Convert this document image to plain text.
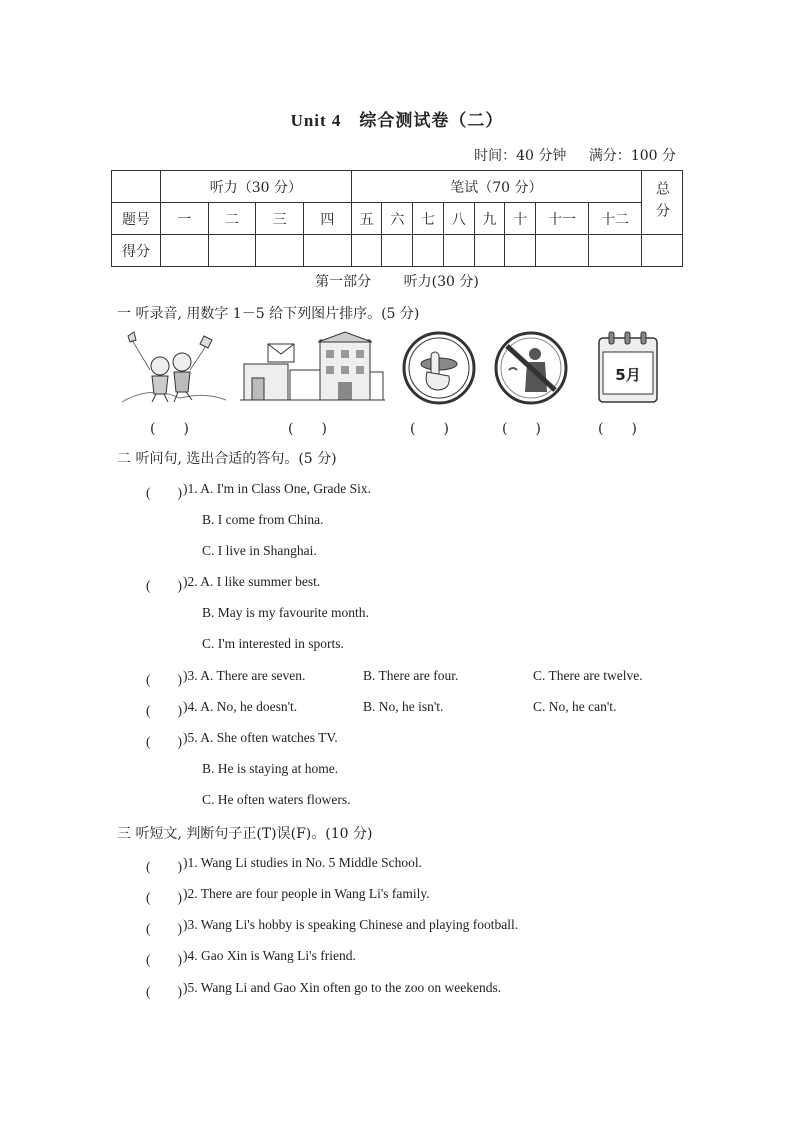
Unit 4　综合测试卷（二）
时间：40 分钟 满分：100 分
	听力（30 分）				笔试（70 分）								总分
题号	一	二	三	四	五	六	七	八	九	十	十一	十二	
得分													
第一部分 听力(30 分)
一 听录音, 用数字 1－5 给下列图片排序。(5 分)
5月
(　　)	(　　)	(　　)	(　　)	(　　)
二 听问句, 选出合适的答句。(5 分)
(　　) )1. A. I'm in Class One, Grade Six.
B. I come from China.
C. I live in Shanghai.
(　　) )2. A. I like summer best.
B. May is my favourite month.
C. I'm interested in sports.
(　　) )3. A. There are seven.	B. There are four.	C. There are twelve.
(　　) )4. A. No, he doesn't.	B. No, he isn't.	C. No, he can't.
(　　) )5. A. She often watches TV.
B. He is staying at home.
C. He often waters flowers.
三 听短文, 判断句子正(T)误(F)。(10 分)
(　　) )1. Wang Li studies in No. 5 Middle School.
(　　) )2. There are four people in Wang Li's family.
(　　) )3. Wang Li's hobby is speaking Chinese and playing football.
(　　) )4. Gao Xin is Wang Li's friend.
(　　) )5. Wang Li and Gao Xin often go to the zoo on weekends.
